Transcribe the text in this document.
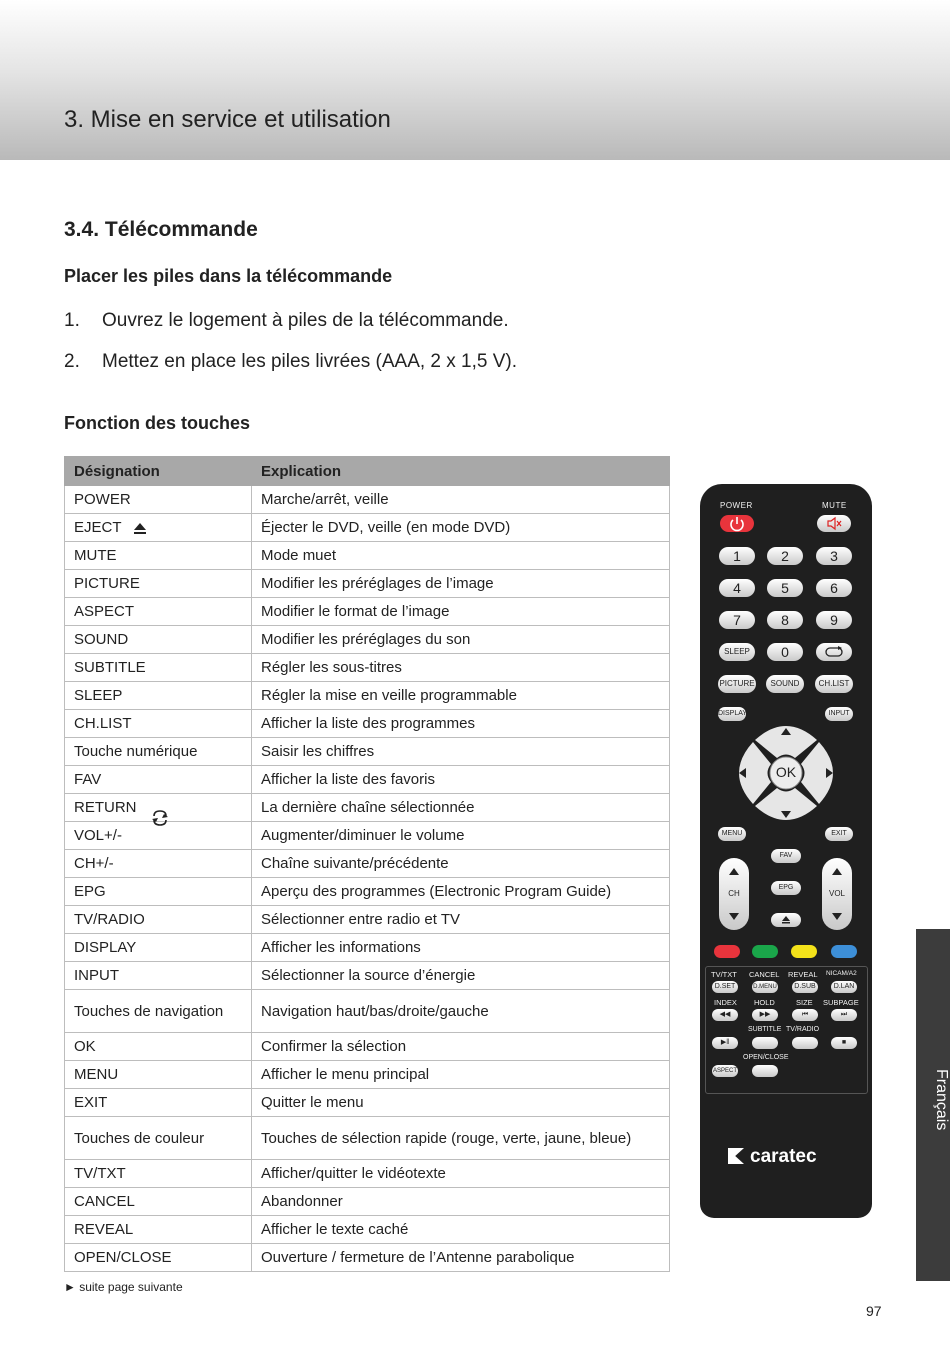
3. Mise en service et utilisation
3.4. Télécommande
Placer les piles dans la télécommande
1. Ouvrez le logement à piles de la télécommande.
2. Mettez en place les piles livrées (AAA, 2 x 1,5 V).
Fonction des touches
Désignation	Explication
POWER	Marche/arrêt, veille
EJECT	Éjecter le DVD, veille (en mode DVD)
MUTE	Mode muet
PICTURE	Modifier les préréglages de l’image
ASPECT	Modifier le format de l’image
SOUND	Modifier les préréglages du son
SUBTITLE	Régler les sous-titres
SLEEP	Régler la mise en veille programmable
CH.LIST	Afficher la liste des programmes
Touche numérique	Saisir les chiffres
FAV	Afficher la liste des favoris
RETURN	La dernière chaîne sélectionnée
VOL+/-	Augmenter/diminuer le volume
CH+/-	Chaîne suivante/précédente
EPG	Aperçu des programmes (Electronic Program Guide)
TV/RADIO	Sélectionner entre radio et TV
DISPLAY	Afficher les informations
INPUT	Sélectionner la source d’énergie
Touches de navigation	Navigation haut/bas/droite/gauche
OK	Confirmer la sélection
MENU	Afficher le menu principal
EXIT	Quitter le menu
Touches de couleur	Touches de sélection rapide (rouge, verte, jaune, bleue)
TV/TXT	Afficher/quitter le vidéotexte
CANCEL	Abandonner
REVEAL	Afficher le texte caché
OPEN/CLOSE	Ouverture / fermeture de l’Antenne parabolique
► suite page suivante
97
Français
POWER	MUTE
1	2	3
4	5	6
7	8	9
SLEEP	0
PICTURE	SOUND	CH.LIST
DISPLAY	INPUT
OK
MENU	EXIT
FAV
EPG
CH	VOL
TV/TXT CANCEL REVEAL NICAM/A2
D.SET	D.MENU	D.SUB	D.LAN
INDEX HOLD	SIZE SUBPAGE
◀◀	▶▶	⏮	⏭
SUBTITLE TV/RADIO
▶‖	■
OPEN/CLOSE
ASPECT
caratec
